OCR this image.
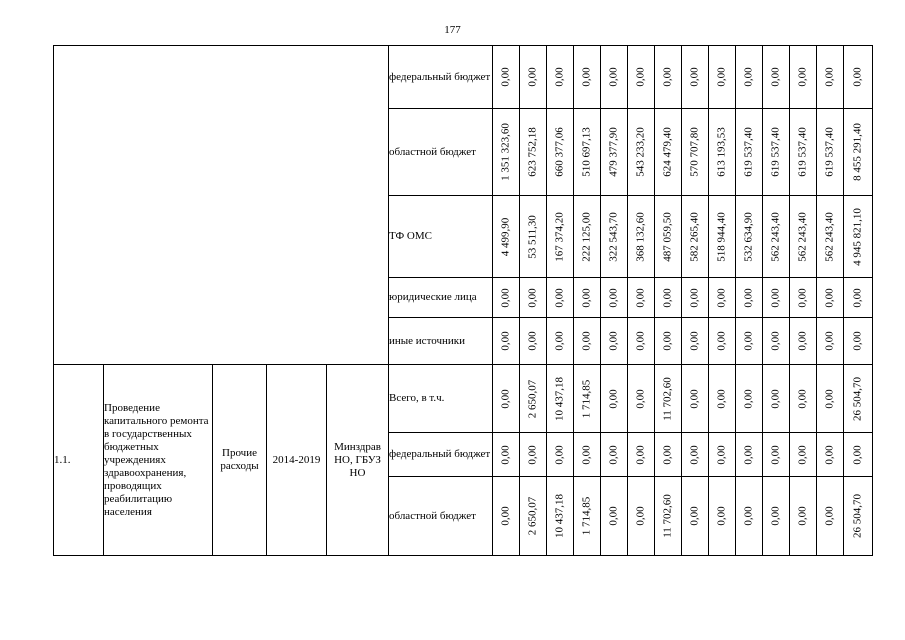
177
					федеральный бюджет	0,00	0,00	0,00	0,00	0,00	0,00	0,00	0,00	0,00	0,00	0,00	0,00	0,00	0,00

					областной бюджет	1 351 323,60	623 752,18	660 377,06	510 697,13	479 377,90	543 233,20	624 479,40	570 707,80	613 193,53	619 537,40	619 537,40	619 537,40	619 537,40	8 455 291,40

					ТФ ОМС	4 499,90	53 511,30	167 374,20	222 125,00	322 543,70	368 132,60	487 059,50	582 265,40	518 944,40	532 634,90	562 243,40	562 243,40	562 243,40	4 945 821,10

					юридические лица	0,00	0,00	0,00	0,00	0,00	0,00	0,00	0,00	0,00	0,00	0,00	0,00	0,00	0,00

					иные источники	0,00	0,00	0,00	0,00	0,00	0,00	0,00	0,00	0,00	0,00	0,00	0,00	0,00	0,00

1.1.	Проведение капитального ремонта в государственных бюджетных учреждениях здравоохранения, проводящих реабилитацию населения	Прочие расходы	2014-2019	Минздрав НО, ГБУЗ НО	Всего, в т.ч.	0,00	2 650,07	10 437,18	1 714,85	0,00	0,00	11 702,60	0,00	0,00	0,00	0,00	0,00	0,00	26 504,70

					федеральный бюджет	0,00	0,00	0,00	0,00	0,00	0,00	0,00	0,00	0,00	0,00	0,00	0,00	0,00	0,00

					областной бюджет	0,00	2 650,07	10 437,18	1 714,85	0,00	0,00	11 702,60	0,00	0,00	0,00	0,00	0,00	0,00	26 504,70
